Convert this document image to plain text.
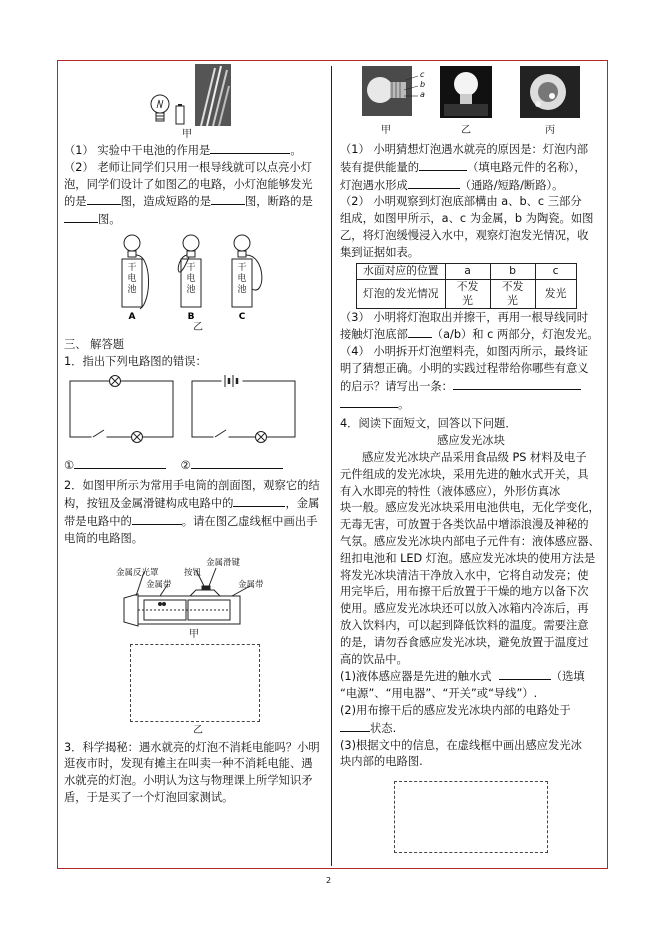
甲

（1） 实验中干电池的作用是	。

（2） 老师让同学们只用一根导线就可以点亮小灯

泡，同学们设计了如图乙的电路，小灯泡能够发光

的是	图，造成短路的是	图，断路的是

图。

A	B	C
干
电
池
干
电
池
干
电
池
乙

三、 解答题

1．指出下列电路图的错误：

①	②

2．如图甲所示为常用手电筒的剖面图，观察它的结

构，按钮及金属滑键构成电路中的	，金属

带是电路中的	。请在图乙虚线框中画出手

电筒的电路图。

金属滑键
按钮
金属反光罩
金属带	金属带
甲
乙

3．科学揭秘：遇水就亮的灯泡不消耗电能吗？小明

逛夜市时，发现有摊主在叫卖一种不消耗电能、遇

水就亮的灯泡。小明认为这与物理课上所学知识矛

盾，于是买了一个灯泡回家测试。

c
b
a
甲	乙	丙

（1） 小明猜想灯泡遇水就亮的原因是：灯泡内部

装有提供能量的	（填电路元件的名称），

灯泡遇水形成	（通路/短路/断路）。

（2） 小明观察到灯泡底部構由 a、b、c 三部分

组成，如图甲所示，a、c 为金属，b 为陶瓷。如图

乙，将灯泡缓慢浸入水中，观察灯泡发光情况，收

集到证据如表。

水面对应的位置	a	b	c
灯泡的发光情况	不发光	不发光	发光

（3） 小明将灯泡取出并擦干，再用一根导线同时

接触灯泡底部 （a/b）和 c 两部分，灯泡发光。

（4） 小明拆开灯泡塑料壳，如图丙所示，最终证

明了猜想正确。小明的实践过程带给你哪些有意义

的启示？请写出一条：

。

4．阅读下面短文，回答以下问题．

感应发光冰块

感应发光冰块产品采用食品级 PS 材料及电子

元件组成的发光冰块，采用先进的触水式开关，具

有入水即亮的特性（液体感应），外形仿真冰

块一般。感应发光冰块采用电池供电，无化学变化，

无毒无害，可放置于各类饮品中增添浪漫及神秘的

气氛。感应发光冰块内部电子元件有：液体感应器、

纽扣电池和 LED 灯泡。感应发光冰块的使用方法是

将发光冰块清洁干净放入水中，它将自动发亮；使

用完毕后，用布擦干后放置于干燥的地方以备下次

使用。感应发光冰块还可以放入冰箱内冷冻后，再

放入饮料内，可以起到降低饮料的温度。需要注意

的是，请勿吞食感应发光冰块，避免放置于温度过

高的饮品中。

(1)液体感应器是先进的触水式	（选填

“电源”、“用电器”、“开关”或“导线”）.

(2)用布擦干后的感应发光冰块内部的电路处于

状态.

(3)根据文中的信息，在虚线框中画出感应发光冰

块内部的电路图.

2
